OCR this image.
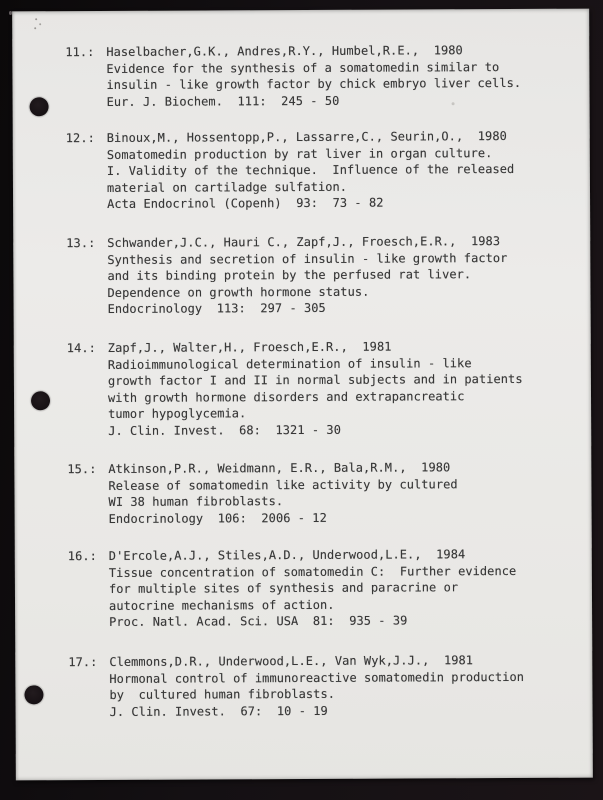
11.: Haselbacher,G.K., Andres,R.Y., Humbel,R.E.,  1980
Evidence for the synthesis of a somatomedin similar to
insulin - like growth factor by chick embryo liver cells.
Eur. J. Biochem.  111:  245 - 50
12.: Binoux,M., Hossentopp,P., Lassarre,C., Seurin,O.,  1980
Somatomedin production by rat liver in organ culture.
I. Validity of the technique.  Influence of the released
material on cartiladge sulfation.
Acta Endocrinol (Copenh)  93:  73 - 82
13.: Schwander,J.C., Hauri C., Zapf,J., Froesch,E.R.,  1983
Synthesis and secretion of insulin - like growth factor
and its binding protein by the perfused rat liver.
Dependence on growth hormone status.
Endocrinology  113:  297 - 305
14.: Zapf,J., Walter,H., Froesch,E.R.,  1981
Radioimmunological determination of insulin - like
growth factor I and II in normal subjects and in patients
with growth hormone disorders and extrapancreatic
tumor hypoglycemia.
J. Clin. Invest.  68:  1321 - 30
15.: Atkinson,P.R., Weidmann, E.R., Bala,R.M.,  1980
Release of somatomedin like activity by cultured
WI 38 human fibroblasts.
Endocrinology  106:  2006 - 12
16.: D'Ercole,A.J., Stiles,A.D., Underwood,L.E.,  1984
Tissue concentration of somatomedin C:  Further evidence
for multiple sites of synthesis and paracrine or
autocrine mechanisms of action.
Proc. Natl. Acad. Sci. USA  81:  935 - 39
17.: Clemmons,D.R., Underwood,L.E., Van Wyk,J.J.,  1981
Hormonal control of immunoreactive somatomedin production
by  cultured human fibroblasts.
J. Clin. Invest.  67:  10 - 19
